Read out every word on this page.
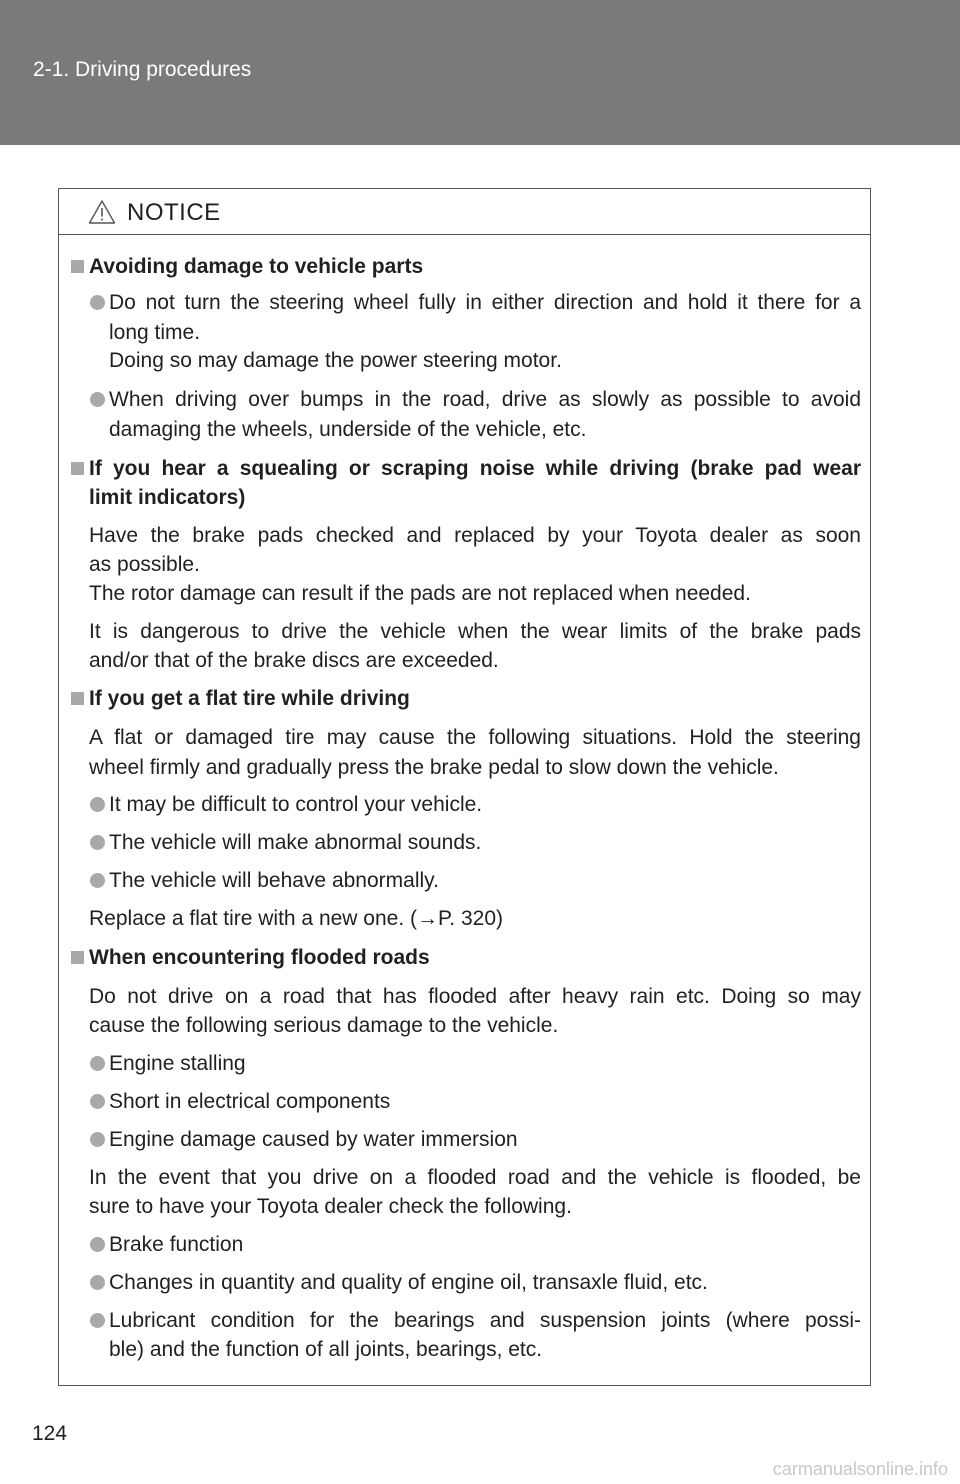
2-1. Driving procedures
NOTICE
Avoiding damage to vehicle parts
Do not turn the steering wheel fully in either direction and hold it there for a
long time.
Doing so may damage the power steering motor.
When driving over bumps in the road, drive as slowly as possible to avoid
damaging the wheels, underside of the vehicle, etc.
If you hear a squealing or scraping noise while driving (brake pad wear
limit indicators)
Have the brake pads checked and replaced by your Toyota dealer as soon
as possible.
The rotor damage can result if the pads are not replaced when needed.
It is dangerous to drive the vehicle when the wear limits of the brake pads
and/or that of the brake discs are exceeded.
If you get a flat tire while driving
A flat or damaged tire may cause the following situations. Hold the steering
wheel firmly and gradually press the brake pedal to slow down the vehicle.
It may be difficult to control your vehicle.
The vehicle will make abnormal sounds.
The vehicle will behave abnormally.
Replace a flat tire with a new one. (→P. 320)
When encountering flooded roads
Do not drive on a road that has flooded after heavy rain etc. Doing so may
cause the following serious damage to the vehicle.
Engine stalling
Short in electrical components
Engine damage caused by water immersion
In the event that you drive on a flooded road and the vehicle is flooded, be
sure to have your Toyota dealer check the following.
Brake function
Changes in quantity and quality of engine oil, transaxle fluid, etc.
Lubricant condition for the bearings and suspension joints (where possi-
ble) and the function of all joints, bearings, etc.
124
carmanualsonline.info
